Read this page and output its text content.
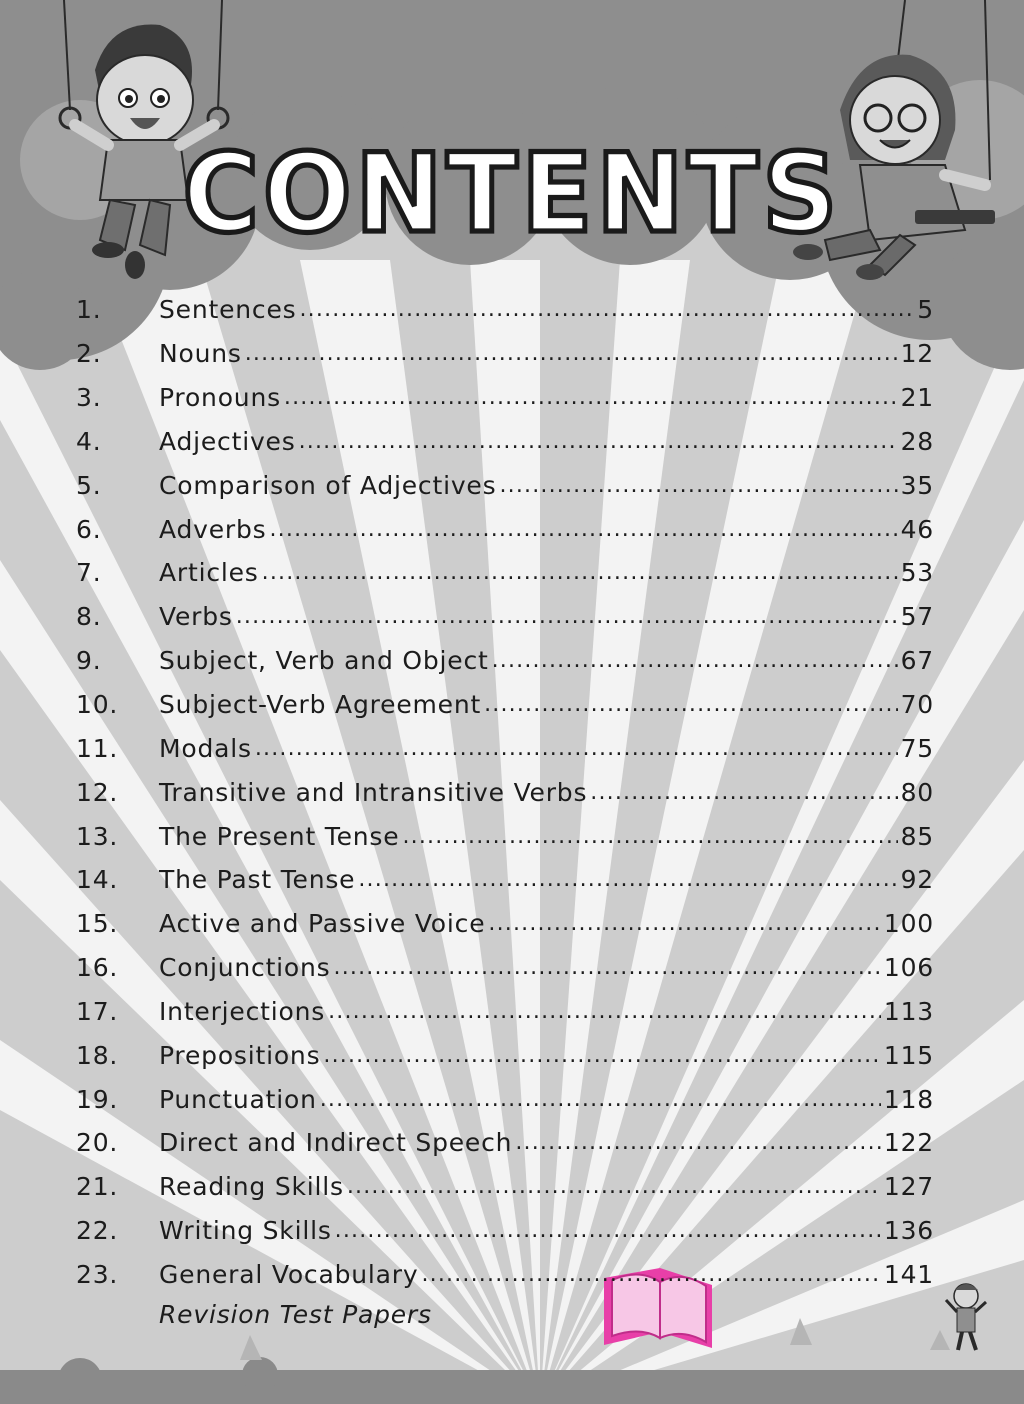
CONTENTS
1.	Sentences .....	5
2.	Nouns .....	12
3.	Pronouns .....	21
4.	Adjectives .....	28
5.	Comparison of Adjectives .....	35
6.	Adverbs .....	46
7.	Articles .....	53
8.	Verbs .....	57
9.	Subject, Verb and Object .....	67
10.	Subject-Verb Agreement .....	70
11.	Modals .....	75
12.	Transitive and Intransitive Verbs .....	80
13.	The Present Tense .....	85
14.	The Past Tense .....	92
15.	Active and Passive Voice .....	100
16.	Conjunctions .....	106
17.	Interjections .....	113
18.	Prepositions .....	115
19.	Punctuation .....	118
20.	Direct and Indirect Speech .....	122
21.	Reading Skills .....	127
22.	Writing Skills .....	136
23.	General Vocabulary .....	141
Revision Test Papers
